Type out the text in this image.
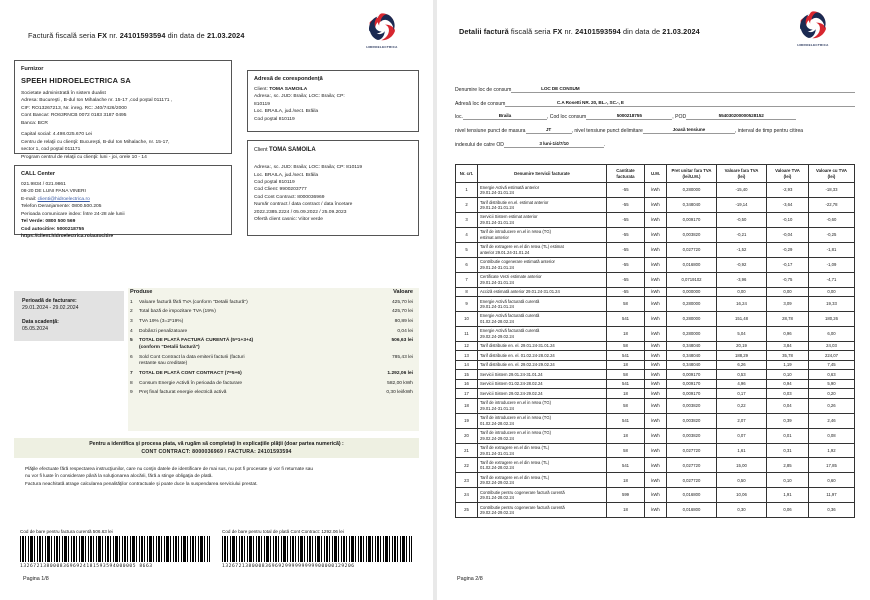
Factură fiscală seria FX nr. 24101593594 din data de 21.03.2024
HIDROELECTRICA
Furnizor
SPEEH HIDROELECTRICA SA
Societate administrată în sistem dualist
Adresa: Bucureşti , B-dul Ion Mihalache nr. 15-17 ,cod poştal 011171 ,
CIF: RO13267213, Nr. inreg. RC: J40/7426/2000
Cont Bancar: RO63RNCB 0072 0183 3187 0495
Banca: BCR
Capital social: 4.498.025.670 Lei
Centru de relaţii cu clienţii: Bucureşti, B-dul Ion Mihalache, nr. 15-17,
sector 1, cod poştal 011171
Program centrul de relaţii cu clienţii: luni - joi, orele 10 - 14
CALL Center
021.9834 / 021.9861
08-20 DE LUNI PANA VINERI
E-mail: clienti@hidroelectrica.ro
Telefon Deranjamente: 0800.500.205
Perioada comunicare index: Între 24-28 ale lunii
Tel Verde: 0800 500 569
Cod autocitire: 5000218755
https://client.hidroelectrica.ro/autocitire
Adresă de corespondenţă
Client: TOMA SAMOILA
Adresa:, sc. JUD: Braila; LOC: Braila; CP:
810119
Loc. BRAILA, jud./sect. Brăila
Cod poştal 810119
Client TOMA SAMOILA
Adresa:, sc. JUD: Braila; LOC: Braila; CP: 810119
Loc. BRAILA, jud./sect. Brăila
Cod poştal 810119
Cod Client: 9900203777
Cod Cont Contract: 8000036969
Număr contract / data contract / data încetare
2022.2385.2224 / 05.09.2022 / 25.09.2023
Ofertă client casnic: Viitor verde
Perioadă de facturare:
29.01.2024 - 29.02.2024
Data scadenţă:
05.05.2024
Produse		Valoare
1	Valoare factură fără TVA (conform "Detalii factură")	425,70 lei
2	Total bază de impozitare TVA (19%)	425,70 lei
3	TVA 19% (3=2*19%)	80,89 lei
4	Dobânzi penalizatoare	0,04 lei
5	TOTAL DE PLATĂ FACTURĂ CURENTĂ (5=1+3+4)
(conform "Detalii factură")	506,63 lei
6	Sold Cont Contract la data emiterii facturii (facturi
restante sau creditate)	785,43 lei
7	TOTAL DE PLATĂ CONT CONTRACT (7=5+6)	1.292,06 lei
8	Consum Energie Activă în perioada de facturare	582,00 kWh
9	Preţ final facturat energie electrică activă	0,30 lei/kWh
Pentru a identifica şi procesa plata, vă rugăm să completaţi în explicaţiile plăţii (doar partea numerică) :
CONT CONTRACT: 8000036969 / FACTURA: 24101593594
Plăţile efectuate fără respectarea instrucţiunilor, care nu conţin datele de identificare de mai sus, nu pot fi procesate şi vor fi returnate sau
nu vor fi luate în considerare până la soluţionarea alocării, fără a stinge obligaţia de plată.
Factura neachitată atrage calcularea penalităţilor contractuale şi poate duce la suspendarea serviciului prestat.
Cod de bare pentru factura curentă 506.63 lei
13267213800083696924181593594000005 8663
Cod de bare pentru total de plată Cont Contract: 1292.06 lei
1326721380008369692999999999900000129206
Pagina 1/8
Detalii factură fiscală seria FX nr. 24101593594 din data de 21.03.2024
HIDROELECTRICA
Denumire loc de consum	LOC DE CONSUM
Adresă loc de consum	C.A Rosetti NR. 20, BL.-, SC.-, E
loc.	Braila	, Cod loc consum	5000218755	, POD	554030200000528152
nivel tensiune punct de masura	JT	, nivel tensiune punct delimitare	Joasă tensiune	, interval de timp pentru citirea
indexului de catre OD	3 luni-1/4/7/10	.
Nr. crt.	Denumire Servicii facturate	Cantitate
facturata	U.M.	Pret unitar fara TVA
(lei/U.M.)	Valoare fara TVA
(lei)	Valoare TVA
(lei)	Valoare cu TVA
(lei)
1	Energie Activă estimată anterior
29.01.24-31.01.24	-55	kWh	0,280000	-15,40	-2,93	-18,33
2	Tarif distributie en.el. estimat anterior
29.01.24-31.01.24	-55	kWh	0,348040	-19,14	-3,64	-22,78
3	Servicii Sistem estimat anterior
29.01.24-31.01.24	-55	kWh	0,009170	-0,50	-0,10	-0,60
4	Tarif de introducere en.el in retea (TG)
estimat anterior	-55	kWh	0,003820	-0,21	-0,04	-0,25
5	Tarif de extragere en.el din retea (TL) estimat
anterior 29.01.24-31.01.24	-55	kWh	0,027720	-1,52	-0,29	-1,81
6	Contributie cogenerare estimată anterior
29.01.24-31.01.24	-55	kWh	0,016800	-0,92	-0,17	-1,09
7	Certificate Verzi estimate anterior
29.01.24-31.01.24	-55	kWh	0,0719102	-3,96	-0,75	-4,71
8	Acciză estimată anterior 29.01.24-31.01.24	-55	kWh	0,000000	0,00	0,00	0,00
9	Energie Activă facturată curentă
29.01.24-31.01.24	58	kWh	0,280000	16,24	3,09	19,33
10	Energie Activă facturată curentă
01.02.24-28.02.24	541	kWh	0,280000	151,48	28,78	180,26
11	Energie Activă facturată curentă
29.02.24-29.02.24	18	kWh	0,280000	5,04	0,96	6,00
12	Tarif distributie en. el. 29.01.24-31.01.24	58	kWh	0,348040	20,19	3,84	24,03
13	Tarif distributie en. el. 01.02.24-28.02.24	541	kWh	0,348040	188,29	35,78	224,07
14	Tarif distributie en. el. 29.02.24-29.02.24	18	kWh	0,348040	6,26	1,19	7,45
15	Servicii Sistem 29.01.24-31.01.24	58	kWh	0,009170	0,53	0,10	0,63
16	Servicii Sistem 01.02.24-28.02.24	541	kWh	0,009170	4,96	0,94	5,90
17	Servicii Sistem 29.02.24-29.02.24	18	kWh	0,009170	0,17	0,03	0,20
18	Tarif de introducere en.el in retea (TG)
29.01.24-31.01.24	58	kWh	0,003820	0,22	0,04	0,26
19	Tarif de introducere en.el in retea (TG)
01.02.24-28.02.24	541	kWh	0,003820	2,07	0,39	2,46
20	Tarif de introducere en.el in retea (TG)
29.02.24-29.02.24	18	kWh	0,003820	0,07	0,01	0,08
21	Tarif de extragere en.el din retea (TL)
29.01.24-31.01.24	58	kWh	0,027720	1,61	0,31	1,92
22	Tarif de extragere en.el din retea (TL)
01.02.24-28.02.24	541	kWh	0,027720	15,00	2,85	17,85
23	Tarif de extragere en.el din retea (TL)
29.02.24-29.02.24	18	kWh	0,027720	0,50	0,10	0,60
24	Contributie pentru cogenerare factură curentă
29.01.24-28.02.24	599	kWh	0,016800	10,06	1,91	11,97
25	Contributie pentru cogenerare factură curentă
29.02.24-29.02.24	18	kWh	0,016800	0,30	0,06	0,36
Pagina 2/8
